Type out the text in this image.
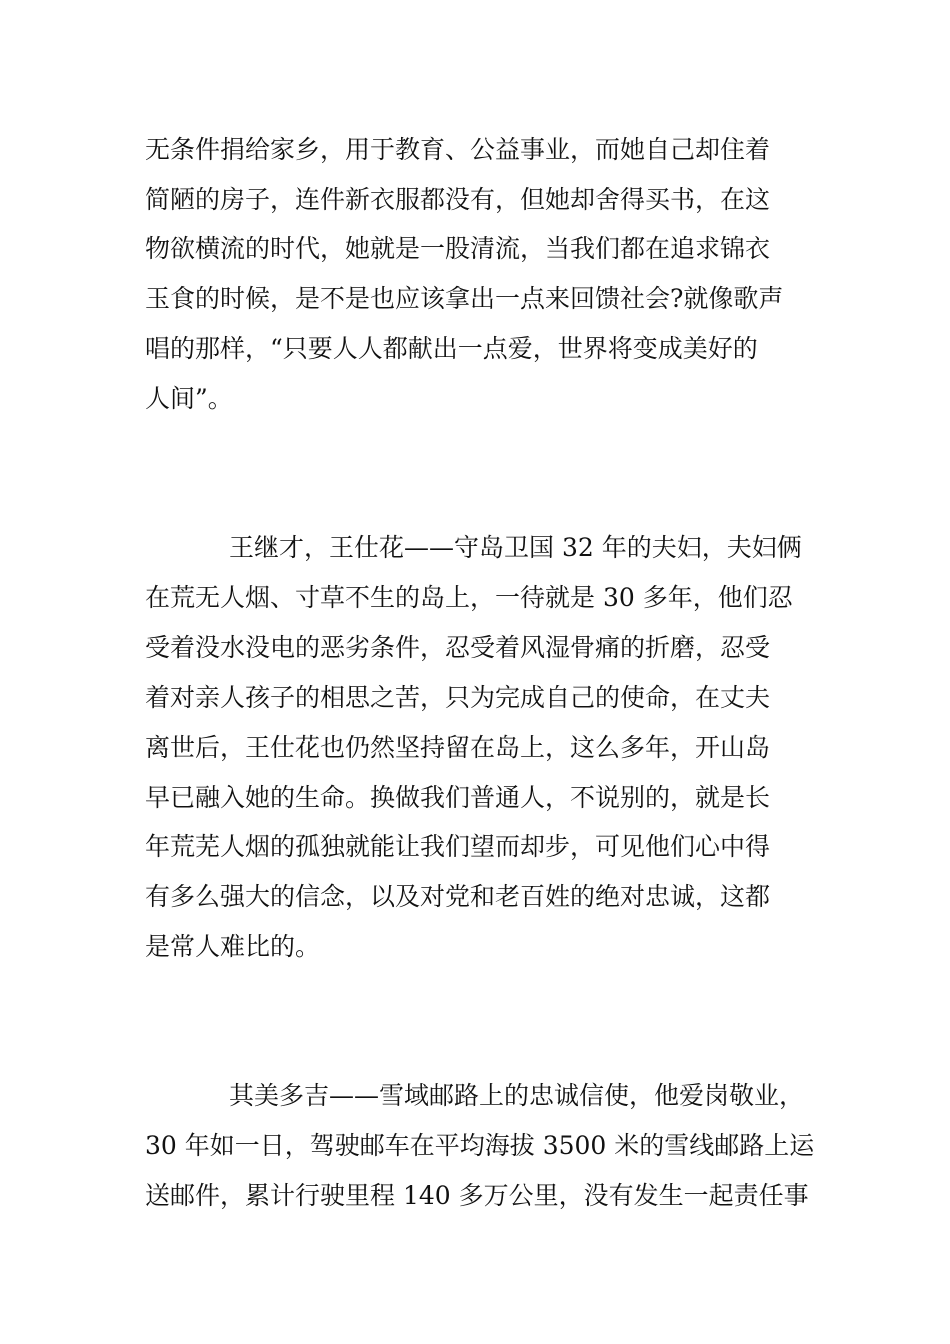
无条件捐给家乡，用于教育、公益事业，而她自己却住着

简陋的房子，连件新衣服都没有，但她却舍得买书，在这

物欲横流的时代，她就是一股清流，当我们都在追求锦衣

玉食的时候，是不是也应该拿出一点来回馈社会?就像歌声

唱的那样，“只要人人都献出一点爱，世界将变成美好的

人间”。

王继才，王仕花——守岛卫国 32 年的夫妇，夫妇俩

在荒无人烟、寸草不生的岛上，一待就是 30 多年，他们忍

受着没水没电的恶劣条件，忍受着风湿骨痛的折磨，忍受

着对亲人孩子的相思之苦，只为完成自己的使命，在丈夫

离世后，王仕花也仍然坚持留在岛上，这么多年，开山岛

早已融入她的生命。换做我们普通人，不说别的，就是长

年荒芜人烟的孤独就能让我们望而却步，可见他们心中得

有多么强大的信念，以及对党和老百姓的绝对忠诚，这都

是常人难比的。

其美多吉——雪域邮路上的忠诚信使，他爱岗敬业，

30 年如一日，驾驶邮车在平均海拔 3500 米的雪线邮路上运

送邮件，累计行驶里程 140 多万公里，没有发生一起责任事
